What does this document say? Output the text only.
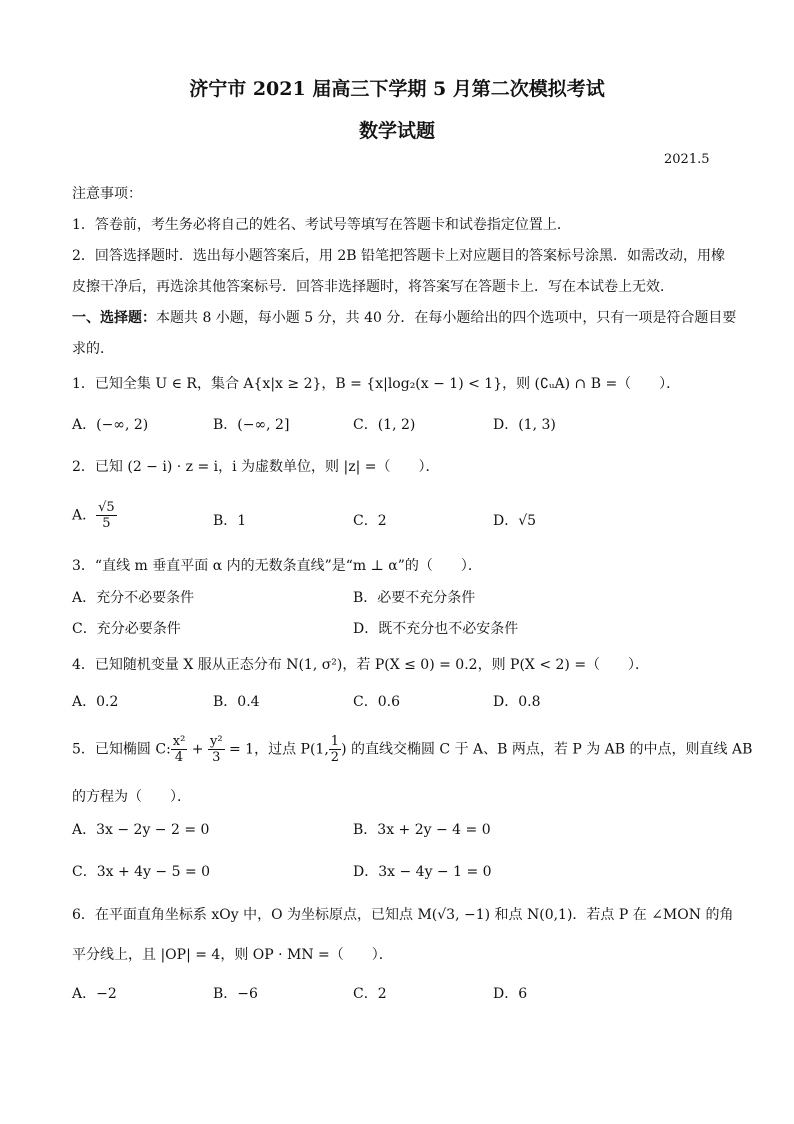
济宁市 2021 届高三下学期 5 月第二次模拟考试
数学试题
2021.5
注意事项：
1．答卷前，考生务必将自己的姓名、考试号等填写在答题卡和试卷指定位置上．
2．回答选择题时．选出每小题答案后，用 2B 铅笔把答题卡上对应题目的答案标号涂黑．如需改动，用橡
皮擦干净后，再选涂其他答案标号．回答非选择题时，将答案写在答题卡上．写在本试卷上无效．
一、选择题：本题共 8 小题，每小题 5 分，共 40 分．在每小题给出的四个选项中，只有一项是符合题目要
求的．
1．已知全集 U ∈ R，集合 A{x|x ≥ 2}，B = {x|log₂(x − 1) < 1}，则 (∁ᵤA) ∩ B =（　　）．
A．(−∞, 2)	B．(−∞, 2]	C．(1, 2)	D．(1, 3)
2．已知 (2 − i) · z = i，i 为虚数单位，则 |z| =（　　）．
A． $\frac{√5}{5}$	B．1	C．2	D．√5
3．“直线 m 垂直平面 α 内的无数条直线”是“m ⊥ α”的（　　）．
A．充分不必要条件	B．必要不充分条件
C．充分必要条件	D．既不充分也不必安条件
4．已知随机变量 X 服从正态分布 N(1, σ²)，若 P(X ≤ 0) = 0.2，则 P(X < 2) =（　　）．
A．0.2	B．0.4	C．0.6	D．0.8
5．已知椭圆 C: $\frac{\text{x²}}{4} + \frac{\text{y²}}{3} = 1$，过点 P(1, $\frac{1}{2}$ ) 的直线交椭圆 C 于 A、B 两点，若 P 为 AB 的中点，则直线 AB
的方程为（　　）．
A．3x − 2y − 2 = 0	B．3x + 2y − 4 = 0
C．3x + 4y − 5 = 0	D．3x − 4y − 1 = 0
6．在平面直角坐标系 xOy 中，O 为坐标原点，已知点 M(√3, −1) 和点 N(0,1)．若点 P 在 ∠MON 的角
平分线上，且 |OP| = 4，则 OP · MN =（　　）．
A．−2	B．−6	C．2	D．6
